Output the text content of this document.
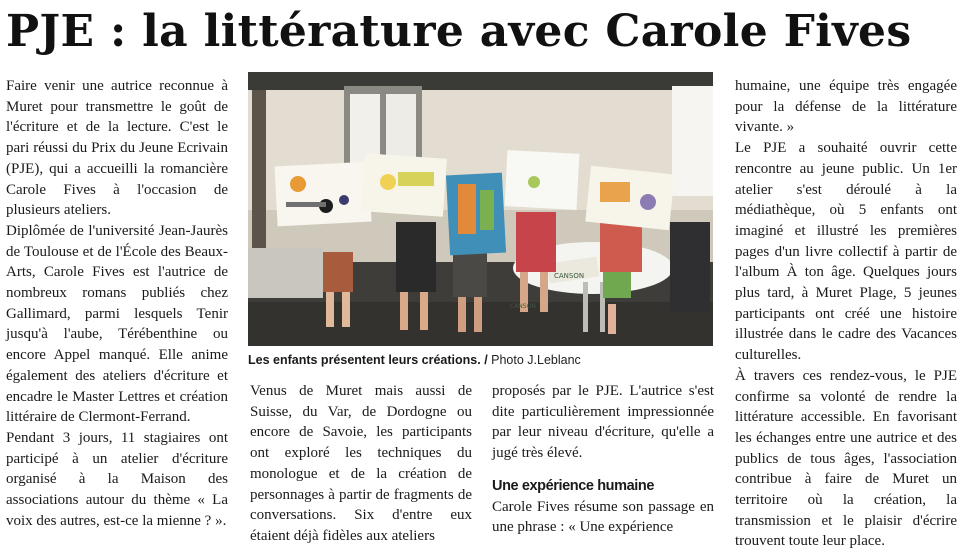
PJE : la littérature avec Carole Fives

Faire venir une autrice reconnue à Muret pour transmettre le goût de l'écriture et de la lecture. C'est le pari réussi du Prix du Jeune Ecrivain (PJE), qui a accueilli la romancière Carole Fives à l'occasion de plusieurs ateliers.

Diplômée de l'université Jean-Jaurès de Toulouse et de l'École des Beaux-Arts, Carole Fives est l'autrice de nombreux romans publiés chez Gallimard, parmi lesquels Tenir jusqu'à l'aube, Térébenthine ou encore Appel manqué. Elle anime également des ateliers d'écriture et encadre le Master Lettres et création littéraire de Clermont-Ferrand.

Pendant 3 jours, 11 stagiaires ont participé à un atelier d'écriture organisé à la Maison des associations autour du thème « La voix des autres, est-ce la mienne ? ».

CANSON
CANSON
Les enfants présentent leurs créations. / Photo J.Leblanc

Venus de Muret mais aussi de Suisse, du Var, de Dordogne ou encore de Savoie, les participants ont exploré les techniques du monologue et de la création de personnages à partir de fragments de conversations. Six d'entre eux étaient déjà fidèles aux ateliers

proposés par le PJE. L'autrice s'est dite particulièrement impressionnée par leur niveau d'écriture, qu'elle a jugé très élevé.

Une expérience humaine

Carole Fives résume son passage en une phrase : « Une expérience

humaine, une équipe très engagée pour la défense de la littérature vivante. »

Le PJE a souhaité ouvrir cette rencontre au jeune public. Un 1er atelier s'est déroulé à la médiathèque, où 5 enfants ont imaginé et illustré les premières pages d'un livre collectif à partir de l'album À ton âge. Quelques jours plus tard, à Muret Plage, 5 jeunes participants ont créé une histoire illustrée dans le cadre des Vacances culturelles.

À travers ces rendez-vous, le PJE confirme sa volonté de rendre la littérature accessible. En favorisant les échanges entre une autrice et des publics de tous âges, l'association contribue à faire de Muret un territoire où la création, la transmission et le plaisir d'écrire trouvent toute leur place.
